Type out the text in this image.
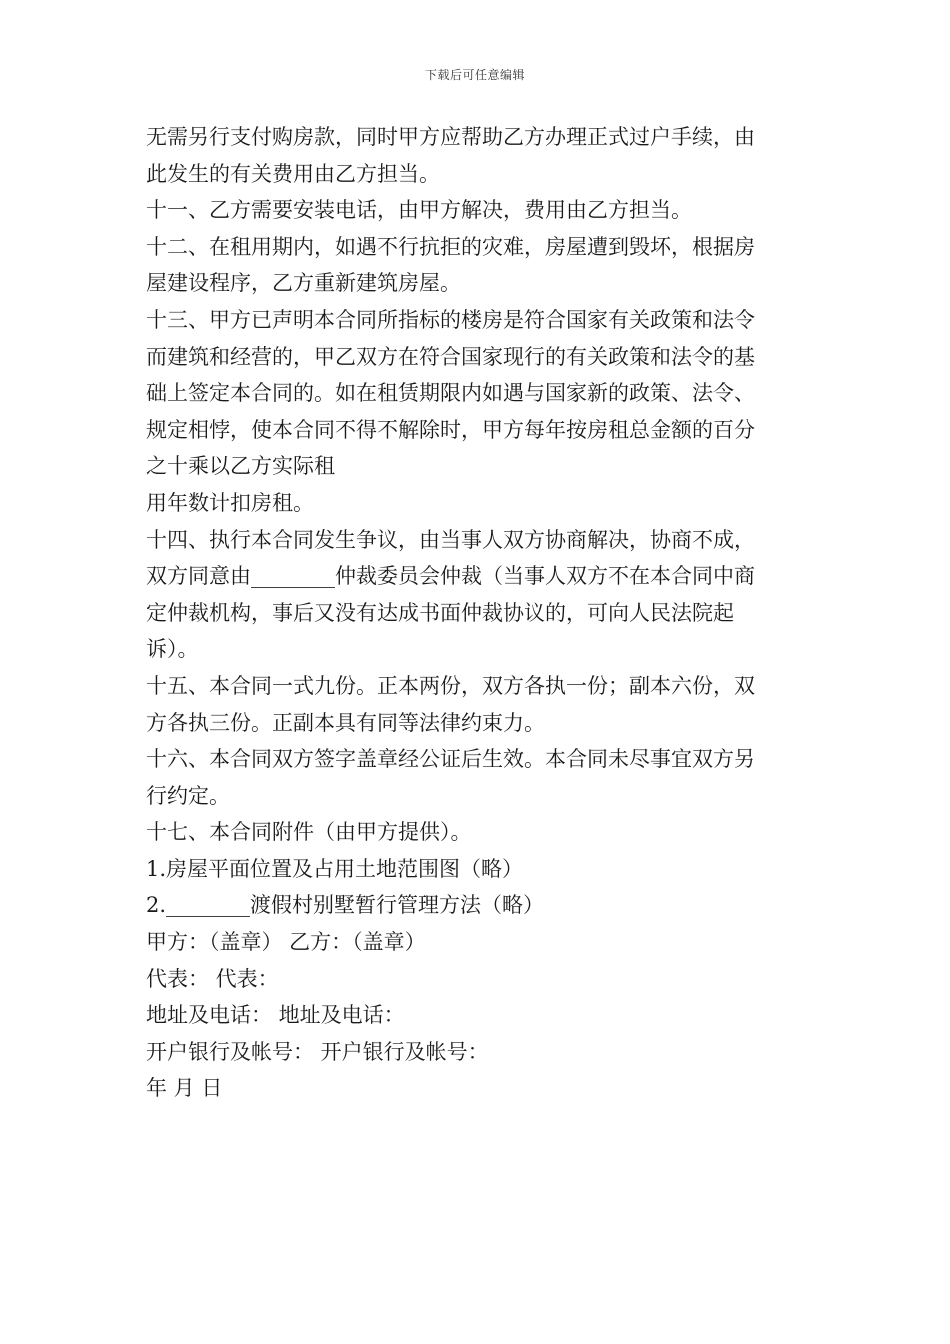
下载后可任意编辑

无需另行支付购房款，同时甲方应帮助乙方办理正式过户手续，由

此发生的有关费用由乙方担当。

十一、乙方需要安装电话，由甲方解决，费用由乙方担当。

十二、在租用期内，如遇不行抗拒的灾难，房屋遭到毁坏，根据房

屋建设程序，乙方重新建筑房屋。

十三、甲方已声明本合同所指标的楼房是符合国家有关政策和法令

而建筑和经营的，甲乙双方在符合国家现行的有关政策和法令的基

础上签定本合同的。如在租赁期限内如遇与国家新的政策、法令、

规定相悖，使本合同不得不解除时，甲方每年按房租总金额的百分

之十乘以乙方实际租

用年数计扣房租。

十四、执行本合同发生争议，由当事人双方协商解决，协商不成，

双方同意由________仲裁委员会仲裁（当事人双方不在本合同中商

定仲裁机构，事后又没有达成书面仲裁协议的，可向人民法院起

诉）。

十五、本合同一式九份。正本两份，双方各执一份；副本六份，双

方各执三份。正副本具有同等法律约束力。

十六、本合同双方签字盖章经公证后生效。本合同未尽事宜双方另

行约定。

十七、本合同附件（由甲方提供）。

1.房屋平面位置及占用土地范围图（略）

2.________渡假村别墅暂行管理方法（略）

甲方：（盖章） 乙方：（盖章）

代表： 代表：

地址及电话： 地址及电话：

开户银行及帐号： 开户银行及帐号：

年 月 日
